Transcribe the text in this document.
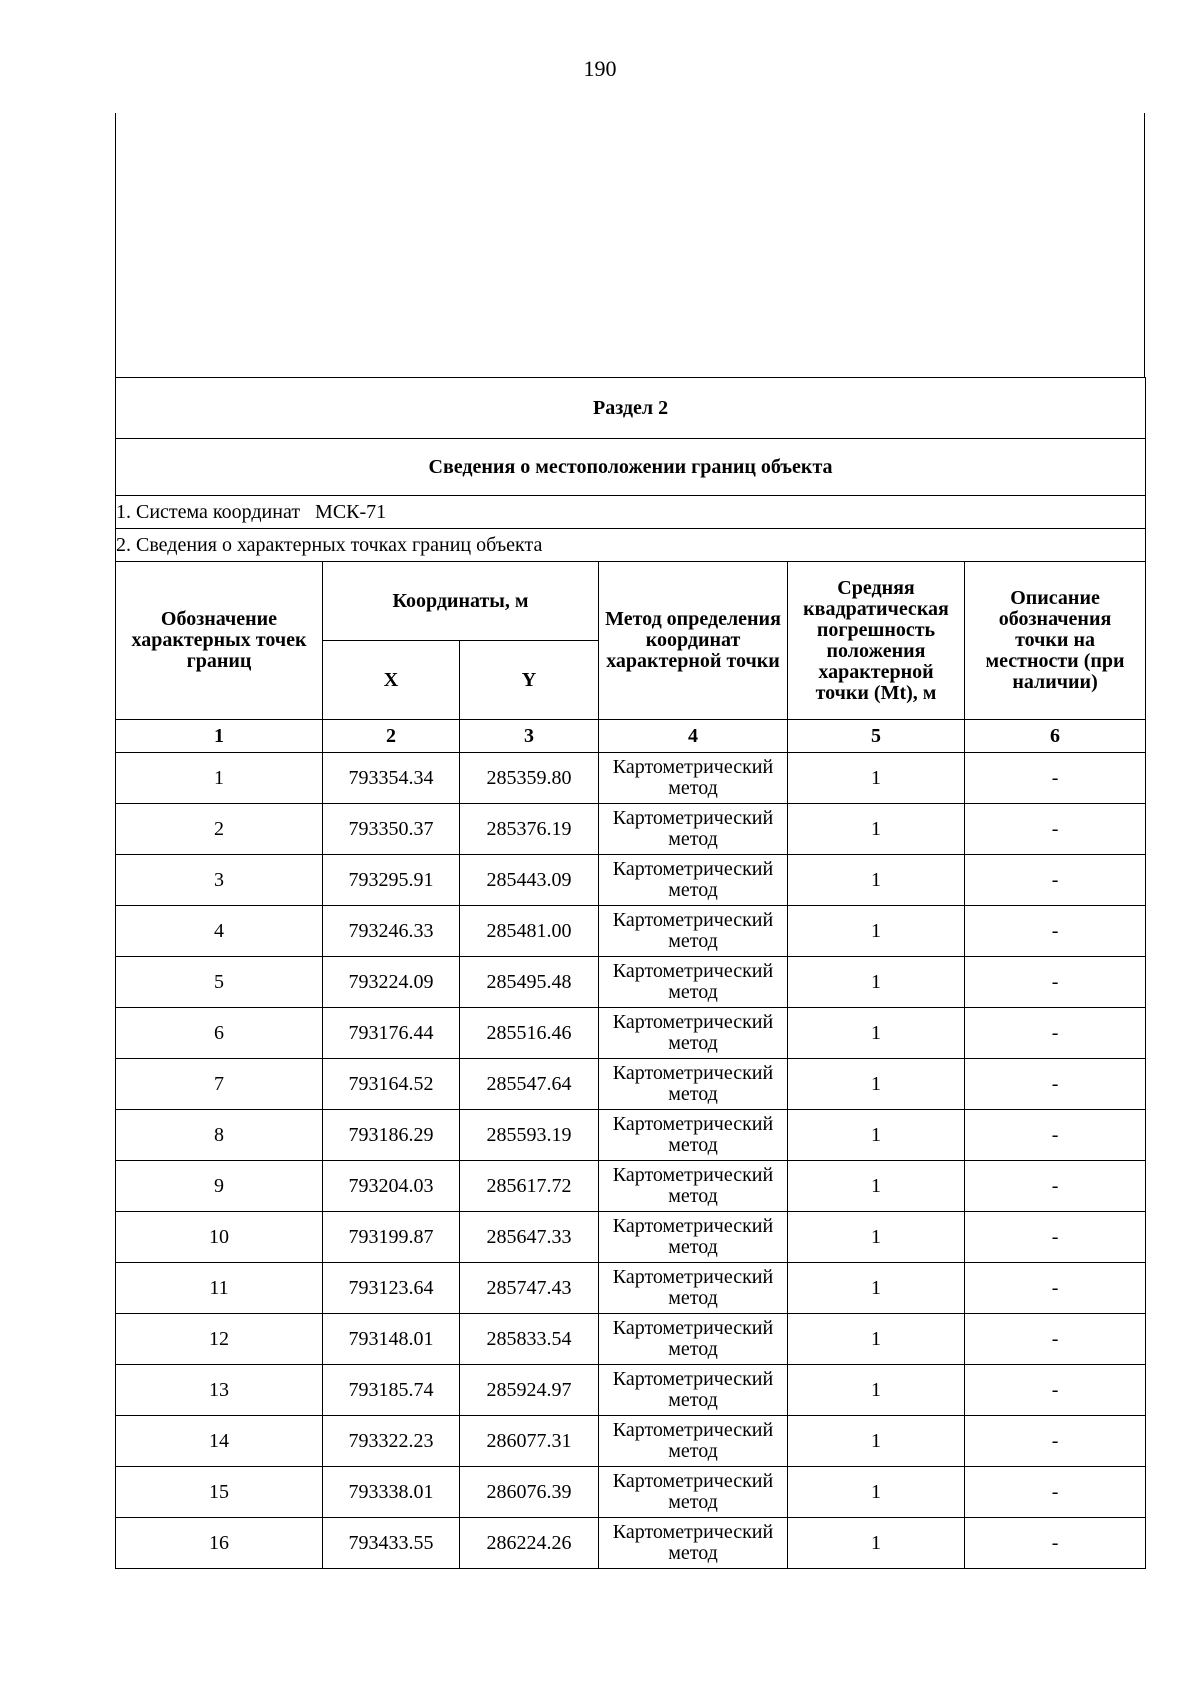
190
Раздел 2					
Сведения о местоположении границ объекта					
1. Система координат   МСК-71					
2. Сведения о характерных точках границ объекта					
Обозначение характерных точек границ	Координаты, м		Метод определения координат характерной точки	Средняя квадратическая погрешность положения характерной точки (Mt), м	Описание обозначения точки на местности (при наличии)
	X	Y			
1	2	3	4	5	6
1	793354.34	285359.80	Картометрический метод	1	-
2	793350.37	285376.19	Картометрический метод	1	-
3	793295.91	285443.09	Картометрический метод	1	-
4	793246.33	285481.00	Картометрический метод	1	-
5	793224.09	285495.48	Картометрический метод	1	-
6	793176.44	285516.46	Картометрический метод	1	-
7	793164.52	285547.64	Картометрический метод	1	-
8	793186.29	285593.19	Картометрический метод	1	-
9	793204.03	285617.72	Картометрический метод	1	-
10	793199.87	285647.33	Картометрический метод	1	-
11	793123.64	285747.43	Картометрический метод	1	-
12	793148.01	285833.54	Картометрический метод	1	-
13	793185.74	285924.97	Картометрический метод	1	-
14	793322.23	286077.31	Картометрический метод	1	-
15	793338.01	286076.39	Картометрический метод	1	-
16	793433.55	286224.26	Картометрический метод	1	-
